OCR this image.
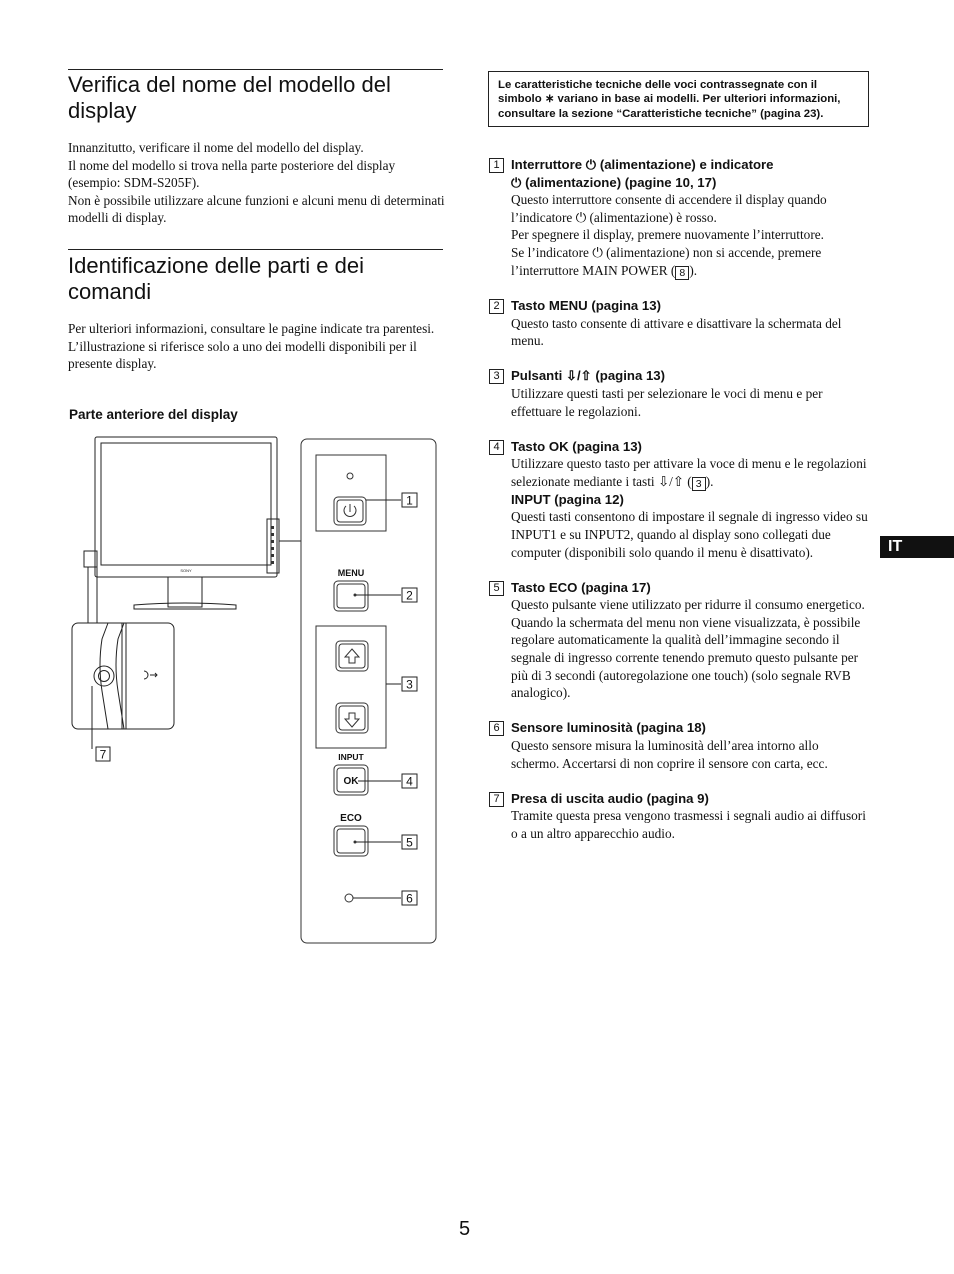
Verifica del nome del modello del display

Innanzitutto, verificare il nome del modello del display.

Il nome del modello si trova nella parte posteriore del display (esempio: SDM-S205F).

Non è possibile utilizzare alcune funzioni e alcuni menu di determinati modelli di display.

Identificazione delle parti e dei comandi

Per ulteriori informazioni, consultare le pagine indicate tra parentesi.

L’illustrazione si riferisce solo a uno dei modelli disponibili per il presente display.

Parte anteriore del display
SONY
7
1
MENU
2
3
INPUT
OK	4
ECO
5
6
Le caratteristiche tecniche delle voci contrassegnate con il simbolo ∗ variano in base ai modelli. Per ulteriori informazioni, consultare la sezione “Caratteristiche tecniche” (pagina 23).
1 Interruttore ⏻ (alimentazione) e indicatore
⏻ (alimentazione) (pagine 10, 17)

Questo interruttore consente di accendere il display quando l’indicatore ⏻ (alimentazione) è rosso.

Per spegnere il display, premere nuovamente l’interruttore.

Se l’indicatore ⏻ (alimentazione) non si accende, premere l’interruttore MAIN POWER ( 8 ).

2 Tasto MENU (pagina 13)
Questo tasto consente di attivare e disattivare la schermata del menu.
3 Pulsanti ⇩/⇧ (pagina 13)
Utilizzare questi tasti per selezionare le voci di menu e per effettuare le regolazioni.
4 Tasto OK (pagina 13)

Utilizzare questo tasto per attivare la voce di menu e le regolazioni selezionate mediante i tasti ⇩/⇧ ( 3 ).

INPUT (pagina 12)

Questi tasti consentono di impostare il segnale di ingresso video su INPUT1 e su INPUT2, quando al display sono collegati due computer (disponibili solo quando il menu è disattivato).

5 Tasto ECO (pagina 17)

Questo pulsante viene utilizzato per ridurre il consumo energetico.

Quando la schermata del menu non viene visualizzata, è possibile regolare automaticamente la qualità dell’immagine secondo il segnale di ingresso corrente tenendo premuto questo pulsante per più di 3 secondi (autoregolazione one touch) (solo segnale RVB analogico).

6 Sensore luminosità (pagina 18)
Questo sensore misura la luminosità dell’area intorno allo schermo. Accertarsi di non coprire il sensore con carta, ecc.
7 Presa di uscita audio (pagina 9)
Tramite questa presa vengono trasmessi i segnali audio ai diffusori o a un altro apparecchio audio.
IT
5
